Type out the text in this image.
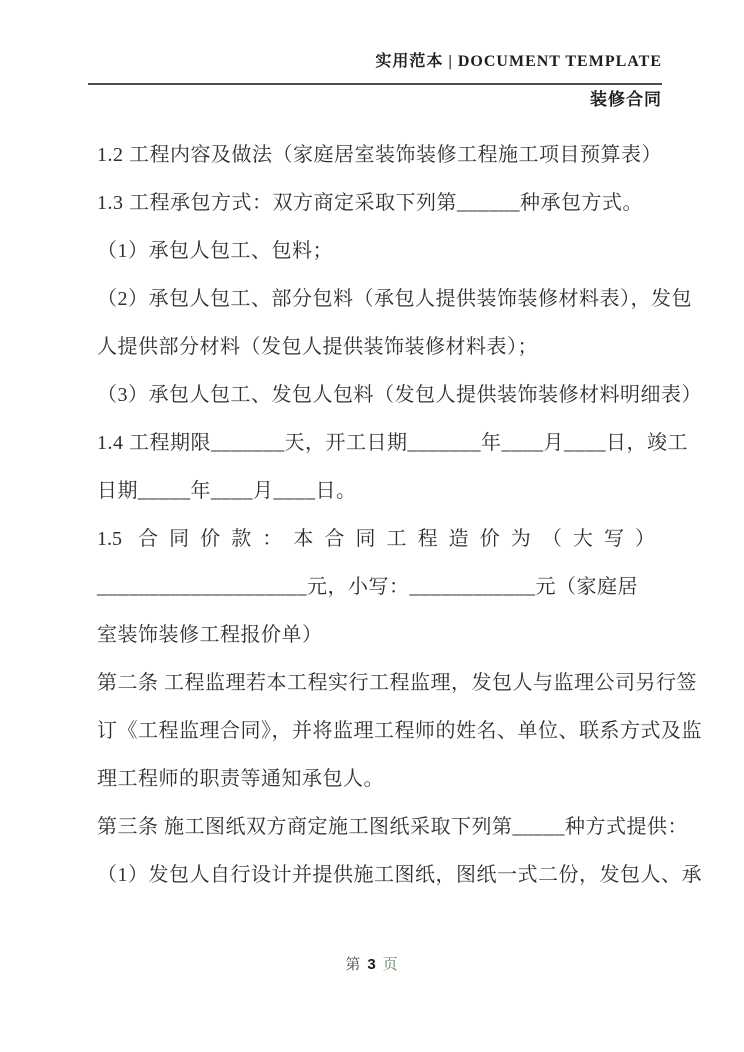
实用范本 | DOCUMENT TEMPLATE
装修合同
1.2 工程内容及做法（家庭居室装饰装修工程施工项目预算表）
1.3 工程承包方式：双方商定采取下列第______种承包方式。
（1）承包人包工、包料；
（2）承包人包工、部分包料（承包人提供装饰装修材料表），发包
人提供部分材料（发包人提供装饰装修材料表）；
（3）承包人包工、发包人包料（发包人提供装饰装修材料明细表）
1.4 工程期限_______天，开工日期_______年____月____日，竣工
日期_____年____月____日。
1.5 合同价款：本合同工程造价为（大写）
____________________元，小写：____________元（家庭居
室装饰装修工程报价单）
第二条 工程监理若本工程实行工程监理，发包人与监理公司另行签
订《工程监理合同》，并将监理工程师的姓名、单位、联系方式及监
理工程师的职责等通知承包人。
第三条 施工图纸双方商定施工图纸采取下列第_____种方式提供：
（1）发包人自行设计并提供施工图纸，图纸一式二份，发包人、承
第 3 页
